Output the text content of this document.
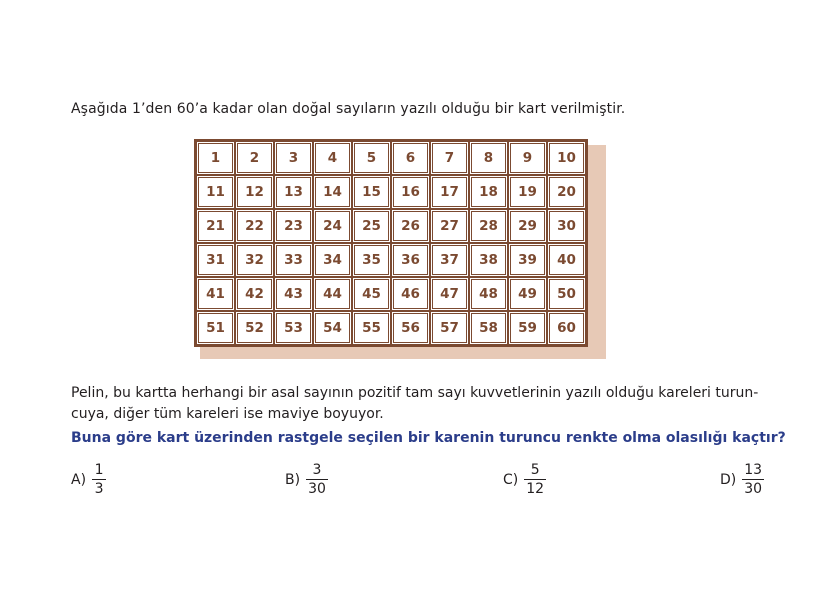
Aşağıda 1’den 60’a kadar olan doğal sayıların yazılı olduğu bir kart verilmiştir.

1	2	3	4	5	6	7	8	9	10
11	12	13	14	15	16	17	18	19	20
21	22	23	24	25	26	27	28	29	30
31	32	33	34	35	36	37	38	39	40
41	42	43	44	45	46	47	48	49	50
51	52	53	54	55	56	57	58	59	60

Pelin, bu kartta herhangi bir asal sayının pozitif tam sayı kuvvetlerinin yazılı olduğu kareleri turun-

cuya, diğer tüm kareleri ise maviye boyuyor.

Buna göre kart üzerinden rastgele seçilen bir karenin turuncu renkte olma olasılığı kaçtır?

$A) \frac{1}{3}$	$B) \frac{3}{30}$	$C) \frac{5}{12}$	$D) \frac{13}{30}$
